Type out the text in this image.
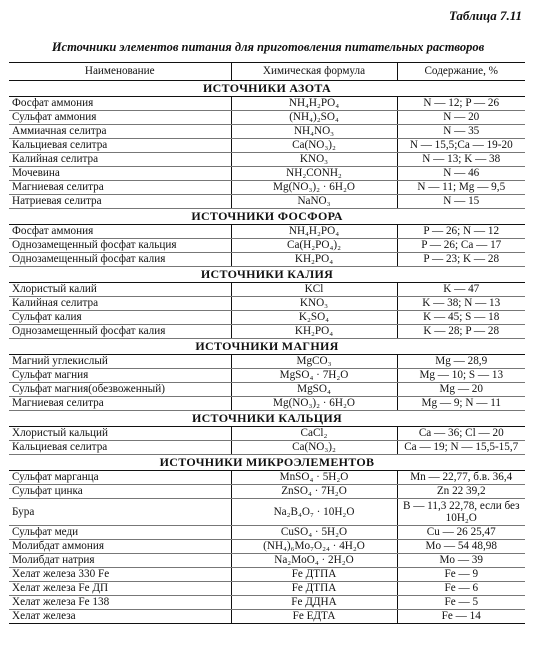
Таблица 7.11
Источники элементов питания для приготовления питательных растворов
Наименование	Химическая формула	Содержание, %
ИСТОЧНИКИ АЗОТА		
Фосфат аммония	NH₄H₂PO₄	N — 12; P — 26
Сульфат аммония	(NH₄)₂SO₄	N — 20
Аммиачная селитра	NH₄NO₃	N — 35
Кальциевая селитра	Ca(NO₃)₂	N — 15,5;Ca — 19-20
Калийная селитра	KNO₃	N — 13; K — 38
Мочевина	NH₂CONH₂	N — 46
Магниевая селитра	Mg(NO₃)₂ · 6H₂O	N — 11; Mg — 9,5
Натриевая селитра	NaNO₃	N — 15
ИСТОЧНИКИ ФОСФОРА		
Фосфат аммония	NH₄H₂PO₄	P — 26; N — 12
Однозамещенный фосфат кальция	Ca(H₂PO₄)₂	P — 26; Ca — 17
Однозамещенный фосфат калия	KH₂PO₄	P — 23; K — 28
ИСТОЧНИКИ КАЛИЯ		
Хлористый калий	KCl	K — 47
Калийная селитра	KNO₃	K — 38; N — 13
Сульфат калия	K₂SO₄	K — 45; S — 18
Однозамещенный фосфат калия	KH₂PO₄	K — 28; P — 28
ИСТОЧНИКИ МАГНИЯ		
Магний углекислый	MgCO₃	Mg — 28,9
Сульфат магния	MgSO₄ · 7H₂O	Mg — 10; S — 13
Сульфат магния(обезвоженный)	MgSO₄	Mg — 20
Магниевая селитра	Mg(NO₃)₂ · 6H₂O	Mg — 9; N — 11
ИСТОЧНИКИ КАЛЬЦИЯ		
Хлористый кальций	CaCl₂	Ca — 36; Cl — 20
Кальциевая селитра	Ca(NO₃)₂	Ca — 19; N — 15,5-15,7
ИСТОЧНИКИ МИКРОЭЛЕМЕНТОВ		
Сульфат марганца	MnSO₄ · 5H₂O	Mn — 22,77, б.в. 36,4
Сульфат цинка	ZnSO₄ · 7H₂O	Zn 22 39,2
Бура	Na₂B₄O₇ · 10H₂O	B — 11,3 22,78, если без 10H₂O
Сульфат меди	CuSO₄ · 5H₂O	Cu — 26 25,47
Молибдат аммония	(NH₄)₆Mo₇O₂₄ · 4H₂O	Mo — 54 48,98
Молибдат натрия	Na₂MoO₄ · 2H₂O	Mo — 39
Хелат железа 330 Fe	Fe ДТПА	Fe — 9
Хелат железа Fe ДП	Fe ДТПА	Fe — 6
Хелат железа Fe 138	Fe ДДНА	Fe — 5
Хелат железа	Fe ЕДТА	Fe — 14
